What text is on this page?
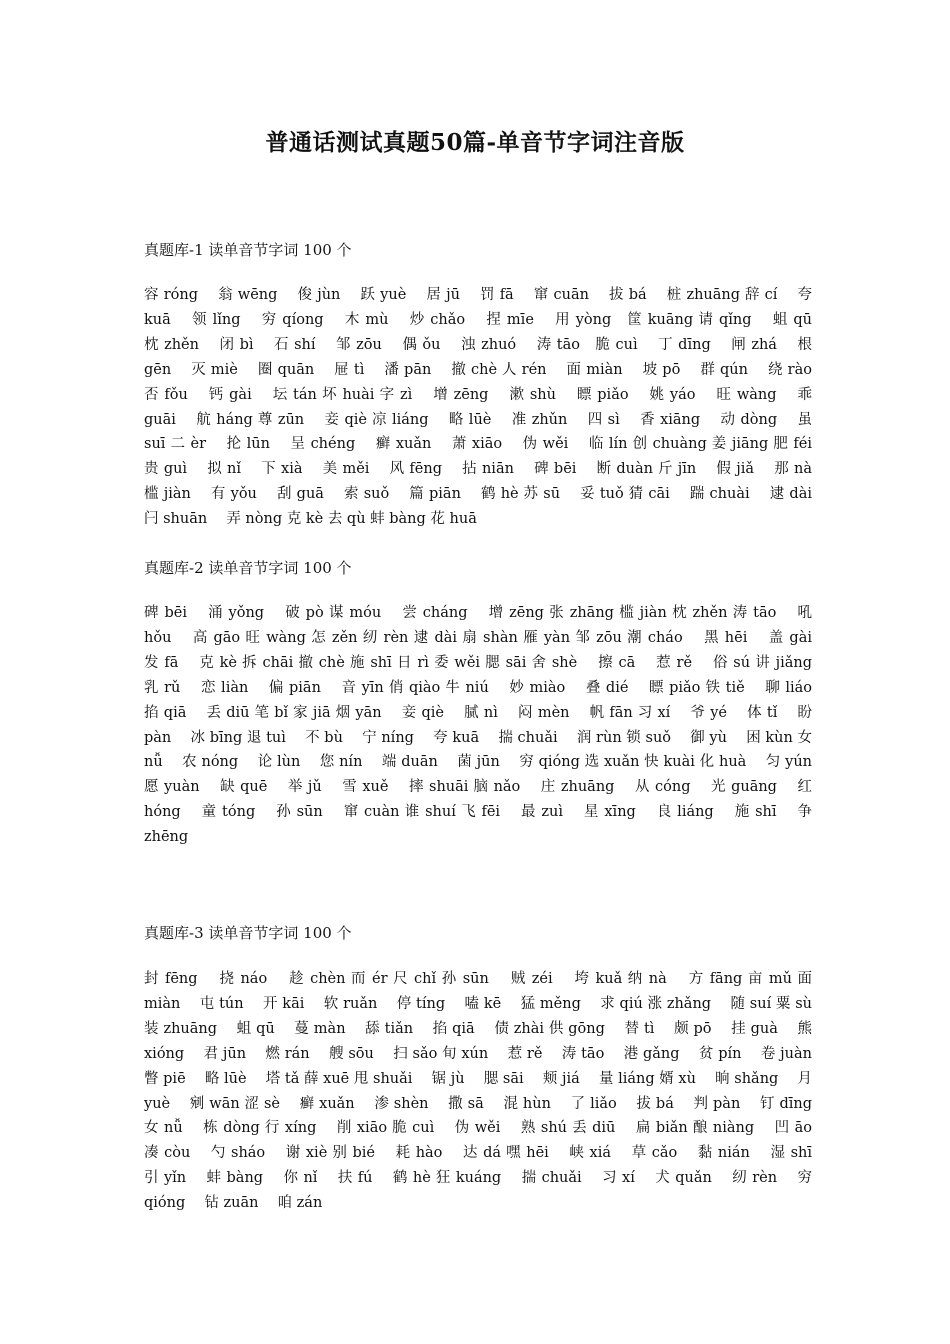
普通话测试真题50篇-单音节字词注音版
真题库-1 读单音节字词 100 个
容 róng　 翁 wēng　 俊 jùn　 跃 yuè　 居 jū　 罚 fā　 窜 cuān　 拔 bá　 桩 zhuāng 辞 cí　 夸 kuā　 领 lǐng　 穷 qíong　 木 mù　 炒 chǎo　 捏 mīe　 用 yòng　筐 kuāng 请 qǐng　 蛆 qū　 枕 zhěn　 闭 bì　 石 shí　 邹 zōu　 偶 ǒu　 浊 zhuó　 涛 tāo　脆 cuì　 丁 dīng　 闸 zhá　 根 gēn　 灭 miè　 圈 quān　 屉 tì　 潘 pān　 撤 chè 人 rén　 面 miàn　 坡 pō　 群 qún　 绕 rào　 否 fǒu　 钙 gài　 坛 tán 坏 huài 字 zì　 增 zēng　 漱 shù　 瞟 piǎo　 姚 yáo　 旺 wàng　 乖 guāi　 航 háng 尊 zūn　 妾 qiè 凉 liáng　 略 lūè　 准 zhǔn　 四 sì　 香 xiāng　 动 dòng　 虽 suī 二 èr　 抡 lūn　 呈 chéng　 癣 xuǎn　 萧 xiāo　 伪 wěi　 临 lín 创 chuàng 姜 jiāng 肥 féi　 贵 guì　 拟 nǐ　 下 xià　 美 měi　 风 fēng　 拈 niān　 碑 bēi　 断 duàn 斤 jīn　 假 jiǎ　 那 nà　 槛 jiàn　 有 yǒu　 刮 guā　 索 suǒ　 篇 piān　 鹤 hè 苏 sū　 妥 tuǒ 猜 cāi　 踹 chuài　 逮 dài　 闩 shuān　 弄 nòng 克 kè 去 qù 蚌 bàng 花 huā
真题库-2 读单音节字词 100 个
碑 bēi　 涌 yǒng　 破 pò 谋 móu　 尝 cháng　 增 zēng 张 zhāng 槛 jiàn 枕 zhěn 涛 tāo　 吼 hǒu　 高 gāo 旺 wàng 怎 zěn 纫 rèn 逮 dài 扇 shàn 雁 yàn 邹 zōu 潮 cháo　 黑 hēi　 盖 gài　 发 fā　 克 kè 拆 chāi 撤 chè 施 shī 日 rì 委 wěi 腮 sāi 舍 shè　 擦 cā　 惹 rě　 俗 sú 讲 jiǎng　 乳 rǔ　 恋 liàn　 偏 piān　 音 yīn 俏 qiào 牛 niú　 妙 miào　 叠 dié　 瞟 piǎo 铁 tiě　 聊 liáo　 掐 qiā　 丢 diū 笔 bǐ 家 jiā 烟 yān　 妾 qiè　 腻 nì　 闷 mèn　 帆 fān 习 xí　 爷 yé　 体 tǐ　 盼 pàn　 冰 bīng 退 tuì　 不 bù　 宁 níng　 夸 kuā　 揣 chuǎi　 润 rùn 锁 suǒ　 御 yù　 困 kùn 女 nǚ　 农 nóng　 论 lùn　 您 nín　 端 duān　 菌 jūn　 穷 qióng 选 xuǎn 快 kuài 化 huà　 匀 yún　 愿 yuàn　 缺 quē　 举 jǔ　 雪 xuě　 摔 shuāi 脑 nǎo　 庄 zhuāng　 从 cóng　 光 guāng　 红 hóng　 童 tóng　 孙 sūn　 窜 cuàn 谁 shuí 飞 fēi　 最 zuì　 星 xīng　 良 liáng　 施 shī　 争 zhēng
真题库-3 读单音节字词 100 个
封 fēng　 挠 náo　 趁 chèn 而 ér 尺 chǐ 孙 sūn　 贼 zéi　 垮 kuǎ 纳 nà　 方 fāng 亩 mǔ 面 miàn　 屯 tún　 开 kāi　 软 ruǎn　 停 tíng　 嗑 kē　 猛 měng　 求 qiú 涨 zhǎng　 随 suí 粟 sù　 装 zhuāng　 蛆 qū　 蔓 màn　 舔 tiǎn　 掐 qiā　 债 zhài 供 gōng　 替 tì　 颇 pō　 挂 guà　 熊 xióng　 君 jūn　 燃 rán　 艘 sōu　 扫 sǎo 旬 xún　 惹 rě　 涛 tāo　 港 gǎng　 贫 pín　 卷 juàn　 瞥 piē　 略 lūè　 塔 tǎ 薛 xuē 甩 shuǎi　 锯 jù　 腮 sāi　 颊 jiá　 量 liáng 婿 xù　 晌 shǎng　 月 yuè　 剜 wān 涩 sè　 癣 xuǎn　 渗 shèn　 撒 sā　 混 hùn　 了 liǎo　 拔 bá　 判 pàn　 钉 dīng 女 nǚ　 栋 dòng 行 xíng　 削 xiāo 脆 cuì　 伪 wěi　 熟 shú 丢 diū　 扁 biǎn 酿 niàng　 凹 āo　 凑 còu　 勺 sháo　 谢 xiè 别 bié　 耗 hào　 达 dá 嘿 hēi　 峡 xiá　 草 cǎo　 黏 nián　 湿 shī　 引 yǐn　 蚌 bàng　 你 nǐ　 扶 fú　 鹤 hè 狂 kuáng　 揣 chuǎi　 习 xí　 犬 quǎn　 纫 rèn　 穷 qióng　 钻 zuān　 咱 zán
